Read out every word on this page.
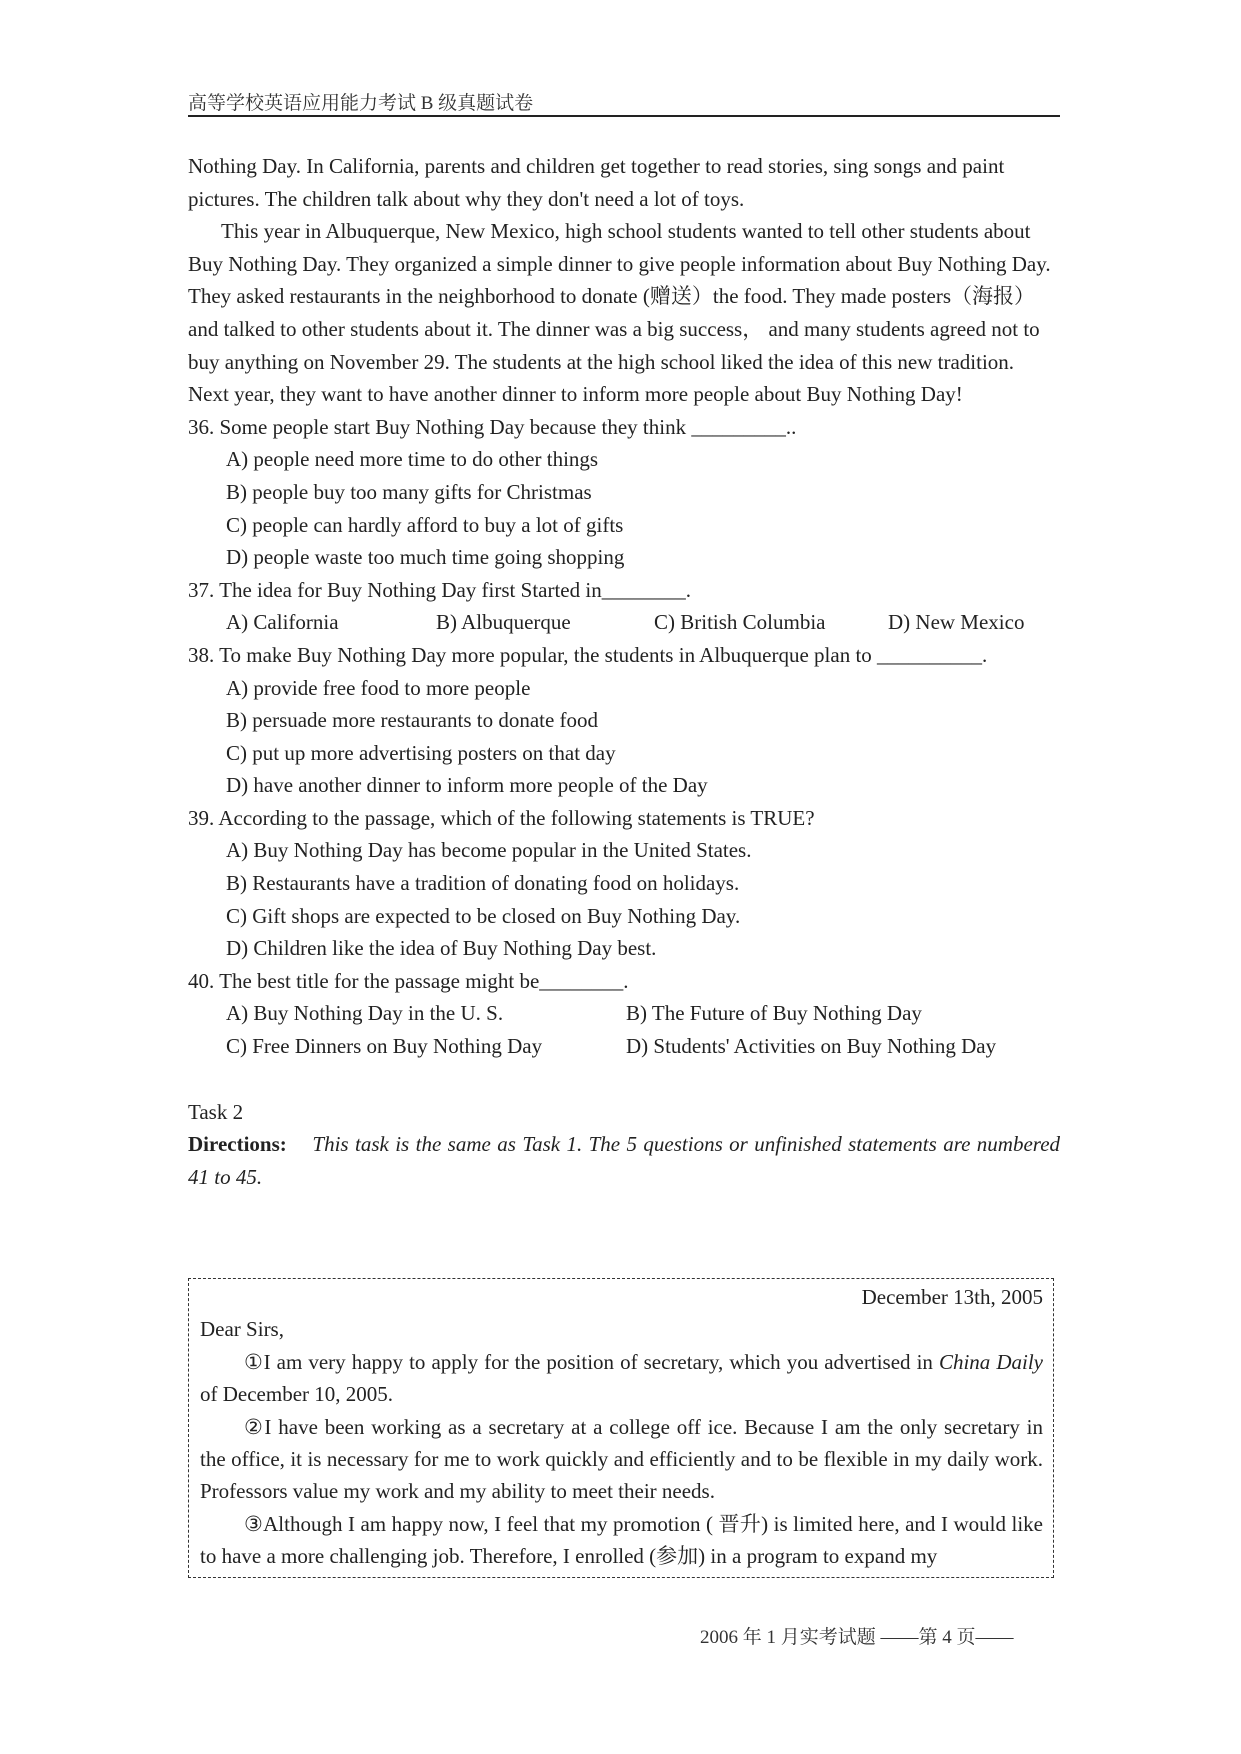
高等学校英语应用能力考试 B 级真题试卷

Nothing Day. In California, parents and children get together to read stories, sing songs and paint pictures. The children talk about why they don't need a lot of toys.

This year in Albuquerque, New Mexico, high school students wanted to tell other students about Buy Nothing Day. They organized a simple dinner to give people information about Buy Nothing Day. They asked restaurants in the neighborhood to donate (赠送）the food. They made posters（海报）and talked to other students about it. The dinner was a big success， and many students agreed not to buy anything on November 29. The students at the high school liked the idea of this new tradition. Next year, they want to have another dinner to inform more people about Buy Nothing Day!

36. Some people start Buy Nothing Day because they think _________..
A) people need more time to do other things
B) people buy too many gifts for Christmas
C) people can hardly afford to buy a lot of gifts
D) people waste too much time going shopping
37. The idea for Buy Nothing Day first Started in________.
A) California	B) Albuquerque	C) British Columbia	D) New Mexico
38. To make Buy Nothing Day more popular, the students in Albuquerque plan to __________.
A) provide free food to more people
B) persuade more restaurants to donate food
C) put up more advertising posters on that day
D) have another dinner to inform more people of the Day
39. According to the passage, which of the following statements is TRUE?
A) Buy Nothing Day has become popular in the United States.
B) Restaurants have a tradition of donating food on holidays.
C) Gift shops are expected to be closed on Buy Nothing Day.
D) Children like the idea of Buy Nothing Day best.
40. The best title for the passage might be________.
A) Buy Nothing Day in the U. S.	B) The Future of Buy Nothing Day
C) Free Dinners on Buy Nothing Day	D) Students' Activities on Buy Nothing Day
Task 2
Directions: This task is the same as Task 1. The 5 questions or unfinished statements are numbered 41 to 45.
December 13th, 2005
Dear Sirs,

①I am very happy to apply for the position of secretary, which you advertised in China Daily of December 10, 2005.

②I have been working as a secretary at a college off ice. Because I am the only secretary in the office, it is necessary for me to work quickly and efficiently and to be flexible in my daily work. Professors value my work and my ability to meet their needs.

③Although I am happy now, I feel that my promotion ( 晋升) is limited here, and I would like to have a more challenging job. Therefore, I enrolled (参加) in a program to expand my

2006 年 1 月实考试题 ——第 4 页——
